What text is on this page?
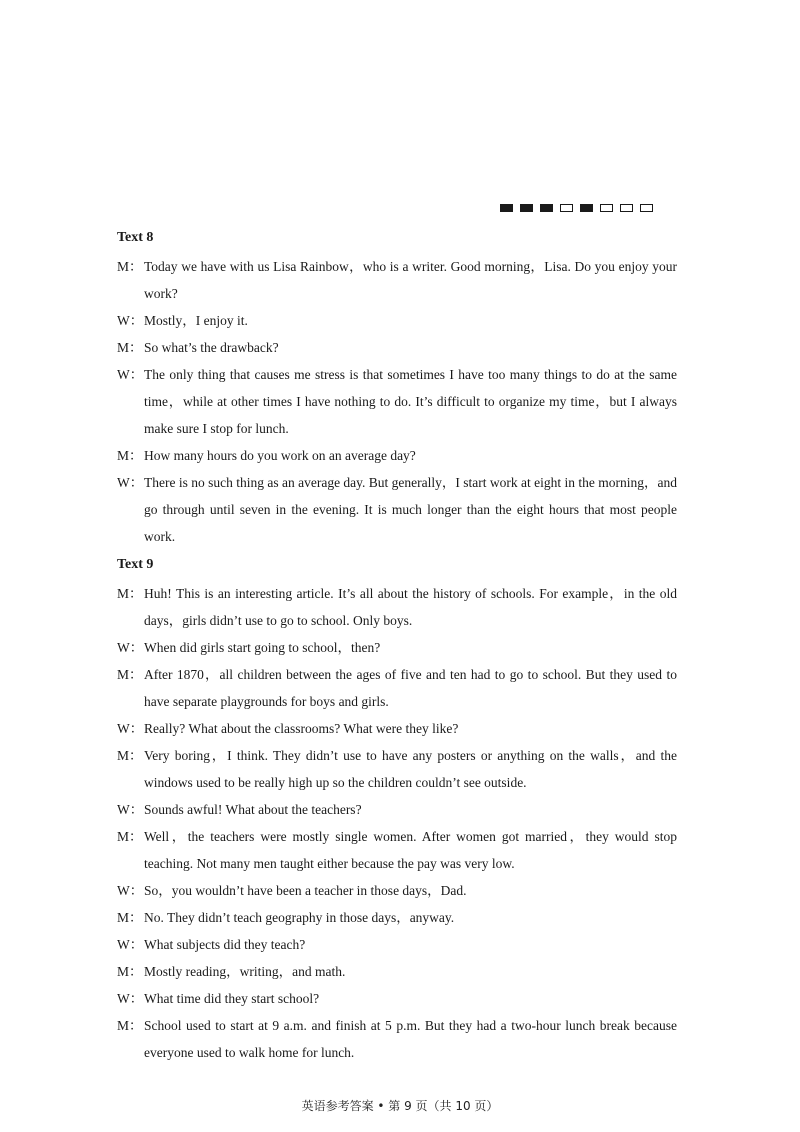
Text 8
M： Today we have with us Lisa Rainbow，who is a writer. Good morning，Lisa. Do you enjoy your work?
W： Mostly，I enjoy it.
M： So what’s the drawback?
W： The only thing that causes me stress is that sometimes I have too many things to do at the same time，while at other times I have nothing to do. It’s difficult to organize my time，but I always make sure I stop for lunch.
M： How many hours do you work on an average day?
W： There is no such thing as an average day. But generally，I start work at eight in the morning，and go through until seven in the evening. It is much longer than the eight hours that most people work.
Text 9
M： Huh! This is an interesting article. It’s all about the history of schools. For example，in the old days，girls didn’t use to go to school. Only boys.
W： When did girls start going to school，then?
M： After 1870，all children between the ages of five and ten had to go to school. But they used to have separate playgrounds for boys and girls.
W： Really? What about the classrooms? What were they like?
M： Very boring，I think. They didn’t use to have any posters or anything on the walls，and the windows used to be really high up so the children couldn’t see outside.
W： Sounds awful! What about the teachers?
M： Well，the teachers were mostly single women. After women got married，they would stop teaching. Not many men taught either because the pay was very low.
W： So，you wouldn’t have been a teacher in those days，Dad.
M： No. They didn’t teach geography in those days，anyway.
W： What subjects did they teach?
M： Mostly reading，writing，and math.
W： What time did they start school?
M： School used to start at 9 a.m. and finish at 5 p.m. But they had a two-hour lunch break because everyone used to walk home for lunch.
英语参考答案 • 第 9 页（共 10 页）
